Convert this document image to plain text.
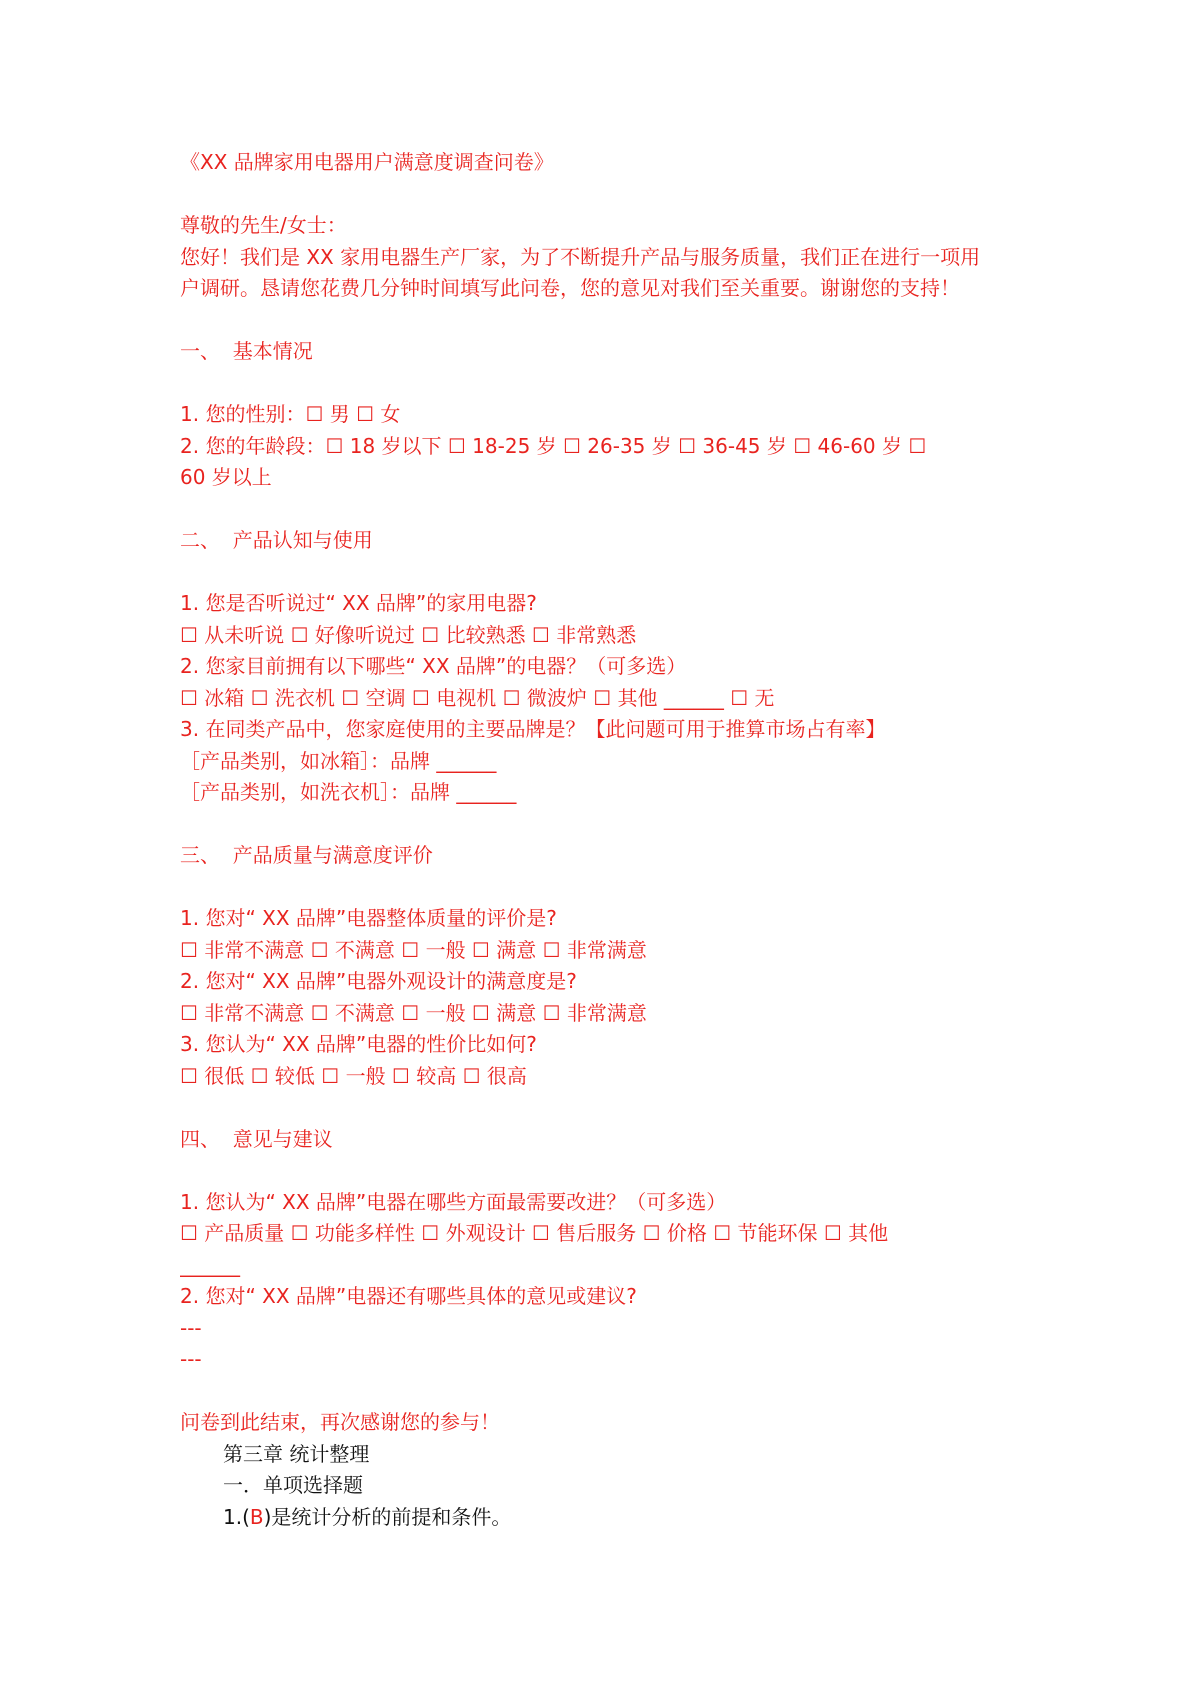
《XX 品牌家用电器用户满意度调查问卷》
尊敬的先生/女士：
您好！我们是 XX 家用电器生产厂家，为了不断提升产品与服务质量，我们正在进行一项用
户调研。恳请您花费几分钟时间填写此问卷，您的意见对我们至关重要。谢谢您的支持！
一、  基本情况
1. 您的性别：☐ 男 ☐ 女
2. 您的年龄段：☐ 18 岁以下 ☐ 18-25 岁 ☐ 26-35 岁 ☐ 36-45 岁 ☐ 46-60 岁 ☐
60 岁以上
二、  产品认知与使用
1. 您是否听说过“ XX 品牌”的家用电器?
☐ 从未听说 ☐ 好像听说过 ☐ 比较熟悉 ☐ 非常熟悉
2. 您家目前拥有以下哪些“ XX 品牌”的电器？（可多选）
☐ 冰箱 ☐ 洗衣机 ☐ 空调 ☐ 电视机 ☐ 微波炉 ☐ 其他 ______ ☐ 无
3. 在同类产品中，您家庭使用的主要品牌是？【此问题可用于推算市场占有率】
［产品类别，如冰箱］：品牌 ______
［产品类别，如洗衣机］：品牌 ______
三、  产品质量与满意度评价
1. 您对“ XX 品牌”电器整体质量的评价是?
☐ 非常不满意 ☐ 不满意 ☐ 一般 ☐ 满意 ☐ 非常满意
2. 您对“ XX 品牌”电器外观设计的满意度是?
☐ 非常不满意 ☐ 不满意 ☐ 一般 ☐ 满意 ☐ 非常满意
3. 您认为“ XX 品牌”电器的性价比如何?
☐ 很低 ☐ 较低 ☐ 一般 ☐ 较高 ☐ 很高
四、  意见与建议
1. 您认为“ XX 品牌”电器在哪些方面最需要改进？（可多选）
☐ 产品质量 ☐ 功能多样性 ☐ 外观设计 ☐ 售后服务 ☐ 价格 ☐ 节能环保 ☐ 其他
______
2. 您对“ XX 品牌”电器还有哪些具体的意见或建议?
---
---
问卷到此结束，再次感谢您的参与！
第三章 统计整理
一．单项选择题
1.(B)是统计分析的前提和条件。
